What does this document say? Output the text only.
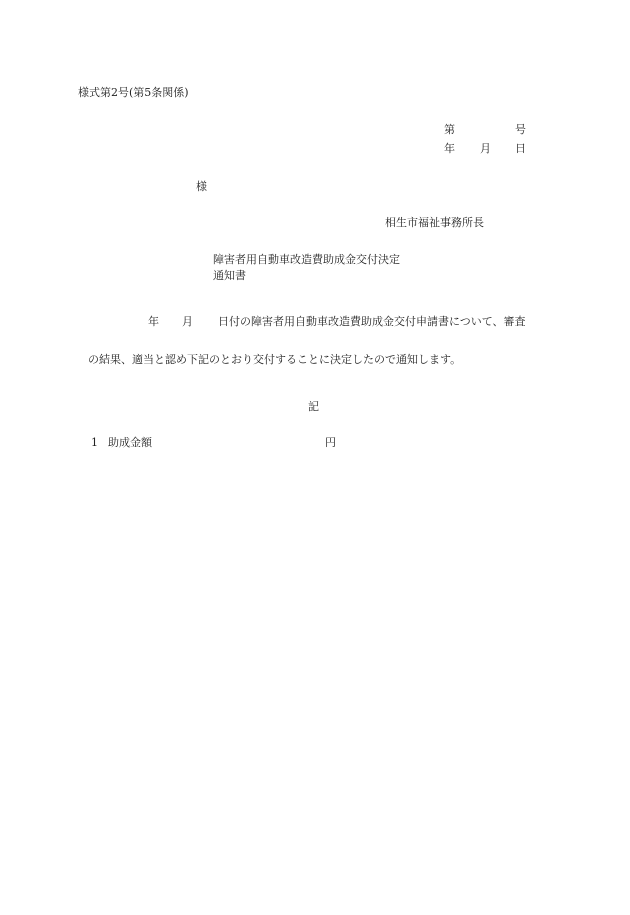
様式第2号(第5条関係)
第	号
年 月 日
様
相生市福祉事務所長
障害者用自動車改造費助成金交付決定
通知書
年 月 日付の障害者用自動車改造費助成金交付申請書について、審査
の結果、適当と認め下記のとおり交付することに決定したので通知します。
記
1 助成金額	円
